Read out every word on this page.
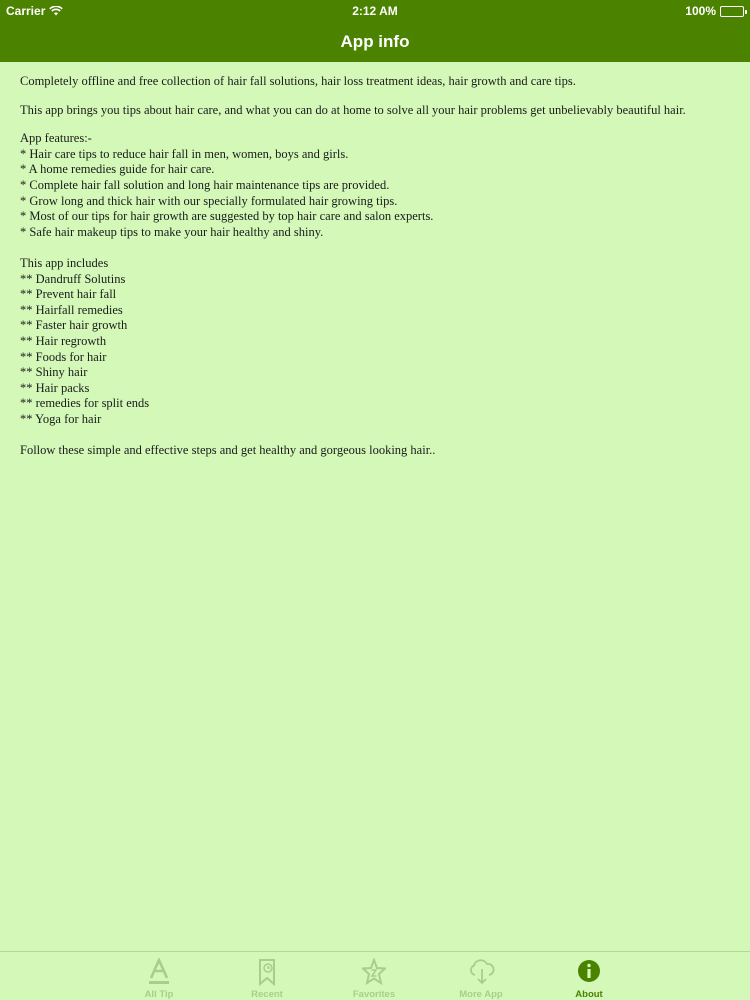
Carrier	2:12 AM	100%
App info

Completely offline and free collection of hair fall solutions, hair loss treatment ideas, hair growth and care tips.

This app brings you tips about hair care, and what you can do at home to solve all your hair problems get unbelievably beautiful hair.

App features:-
* Hair care tips to reduce hair fall in men, women, boys and girls.
* A home remedies guide for hair care.
* Complete hair fall solution and long hair maintenance tips are provided.
* Grow long and thick hair with our specially formulated hair growing tips.
* Most of our tips for hair growth are suggested by top hair care and salon experts.
* Safe hair makeup tips to make your hair healthy and shiny.
This app includes
** Dandruff Solutins
** Prevent hair fall
** Hairfall remedies
** Faster hair growth
** Hair regrowth
** Foods for hair
** Shiny hair
** Hair packs
** remedies for split ends
** Yoga for hair

Follow these simple and effective steps and get healthy and gorgeous looking hair..

All Tip	Recent	Favorites	More App	About
